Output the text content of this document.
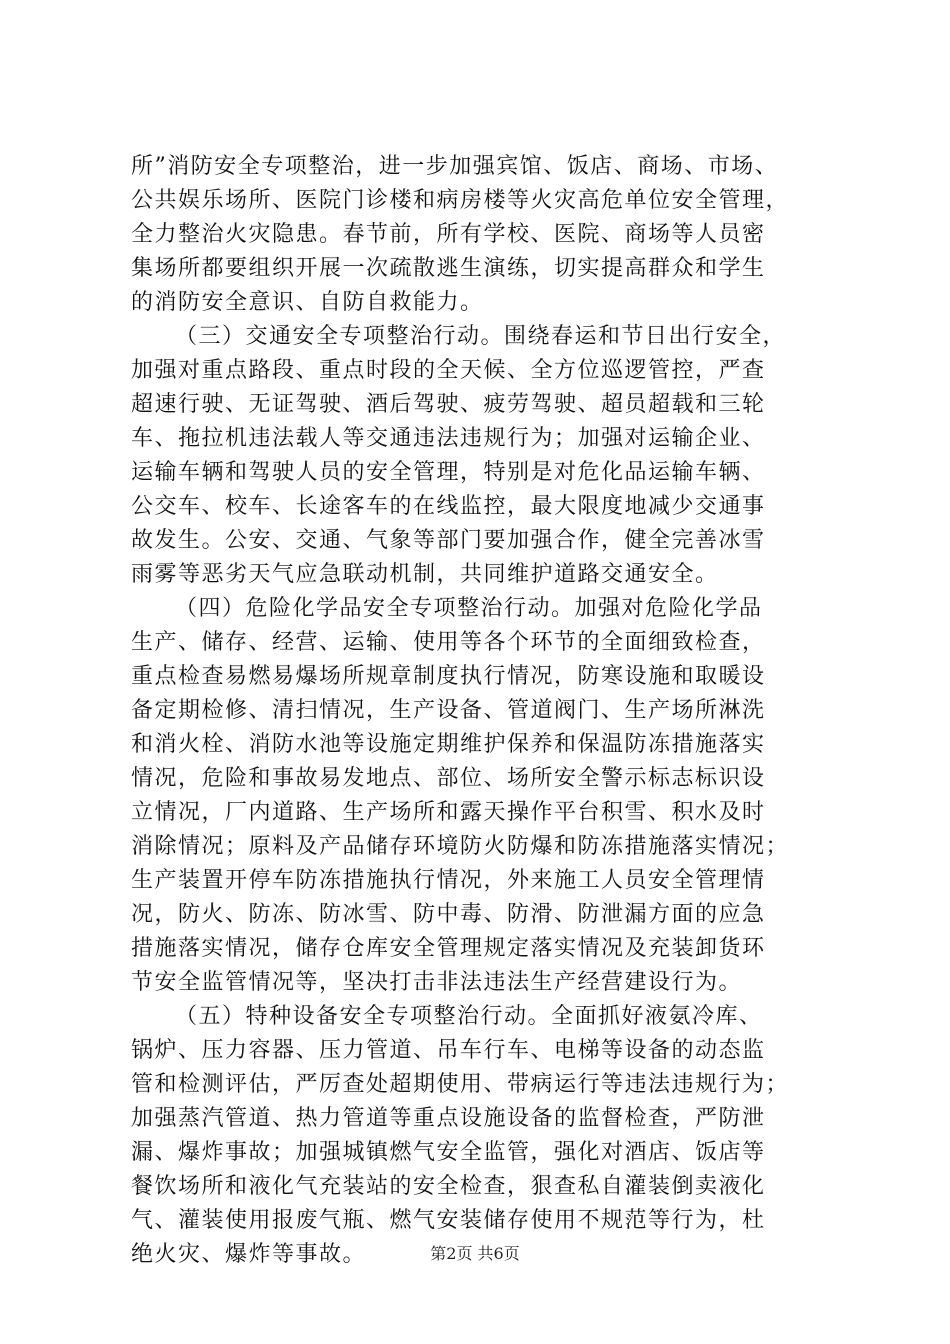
所”消防安全专项整治，进一步加强宾馆、饭店、商场、市场、
公共娱乐场所、医院门诊楼和病房楼等火灾高危单位安全管理，
全力整治火灾隐患。春节前，所有学校、医院、商场等人员密
集场所都要组织开展一次疏散逃生演练，切实提高群众和学生
的消防安全意识、自防自救能力。
（三）交通安全专项整治行动。围绕春运和节日出行安全，
加强对重点路段、重点时段的全天候、全方位巡逻管控，严查
超速行驶、无证驾驶、酒后驾驶、疲劳驾驶、超员超载和三轮
车、拖拉机违法载人等交通违法违规行为；加强对运输企业、
运输车辆和驾驶人员的安全管理，特别是对危化品运输车辆、
公交车、校车、长途客车的在线监控，最大限度地减少交通事
故发生。公安、交通、气象等部门要加强合作，健全完善冰雪
雨雾等恶劣天气应急联动机制，共同维护道路交通安全。
（四）危险化学品安全专项整治行动。加强对危险化学品
生产、储存、经营、运输、使用等各个环节的全面细致检查，
重点检查易燃易爆场所规章制度执行情况，防寒设施和取暖设
备定期检修、清扫情况，生产设备、管道阀门、生产场所淋洗
和消火栓、消防水池等设施定期维护保养和保温防冻措施落实
情况，危险和事故易发地点、部位、场所安全警示标志标识设
立情况，厂内道路、生产场所和露天操作平台积雪、积水及时
消除情况；原料及产品储存环境防火防爆和防冻措施落实情况；
生产装置开停车防冻措施执行情况，外来施工人员安全管理情
况，防火、防冻、防冰雪、防中毒、防滑、防泄漏方面的应急
措施落实情况，储存仓库安全管理规定落实情况及充装卸货环
节安全监管情况等，坚决打击非法违法生产经营建设行为。
（五）特种设备安全专项整治行动。全面抓好液氨冷库、
锅炉、压力容器、压力管道、吊车行车、电梯等设备的动态监
管和检测评估，严厉查处超期使用、带病运行等违法违规行为；
加强蒸汽管道、热力管道等重点设施设备的监督检查，严防泄
漏、爆炸事故；加强城镇燃气安全监管，强化对酒店、饭店等
餐饮场所和液化气充装站的安全检查，狠查私自灌装倒卖液化
气、灌装使用报废气瓶、燃气安装储存使用不规范等行为，杜
绝火灾、爆炸等事故。	第2页 共6页
